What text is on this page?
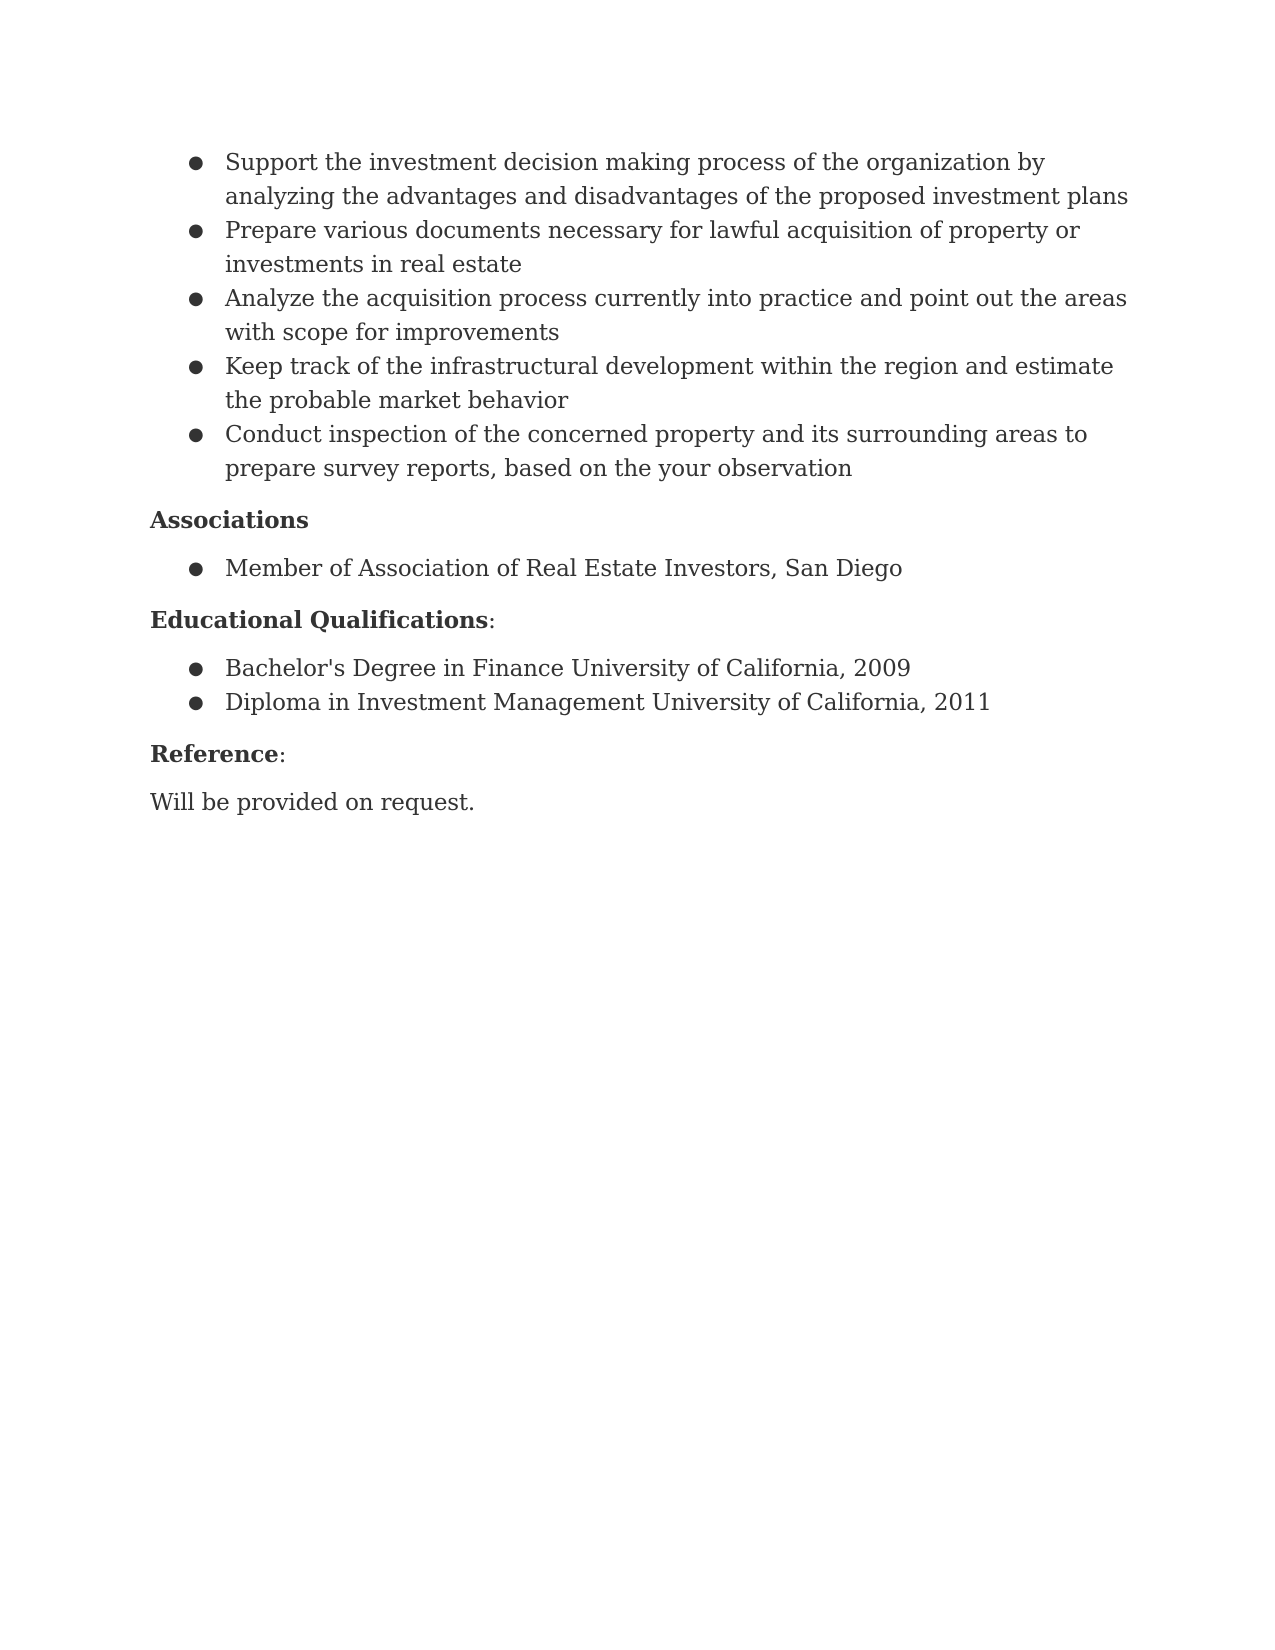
● Support the investment decision making process of the organization by analyzing the advantages and disadvantages of the proposed investment plans
● Prepare various documents necessary for lawful acquisition of property or investments in real estate
● Analyze the acquisition process currently into practice and point out the areas with scope for improvements
● Keep track of the infrastructural development within the region and estimate the probable market behavior
● Conduct inspection of the concerned property and its surrounding areas to prepare survey reports, based on the your observation

Associations

● Member of Association of Real Estate Investors, San Diego

Educational Qualifications:

● Bachelor's Degree in Finance University of California, 2009
● Diploma in Investment Management University of California, 2011

Reference:

Will be provided on request.
